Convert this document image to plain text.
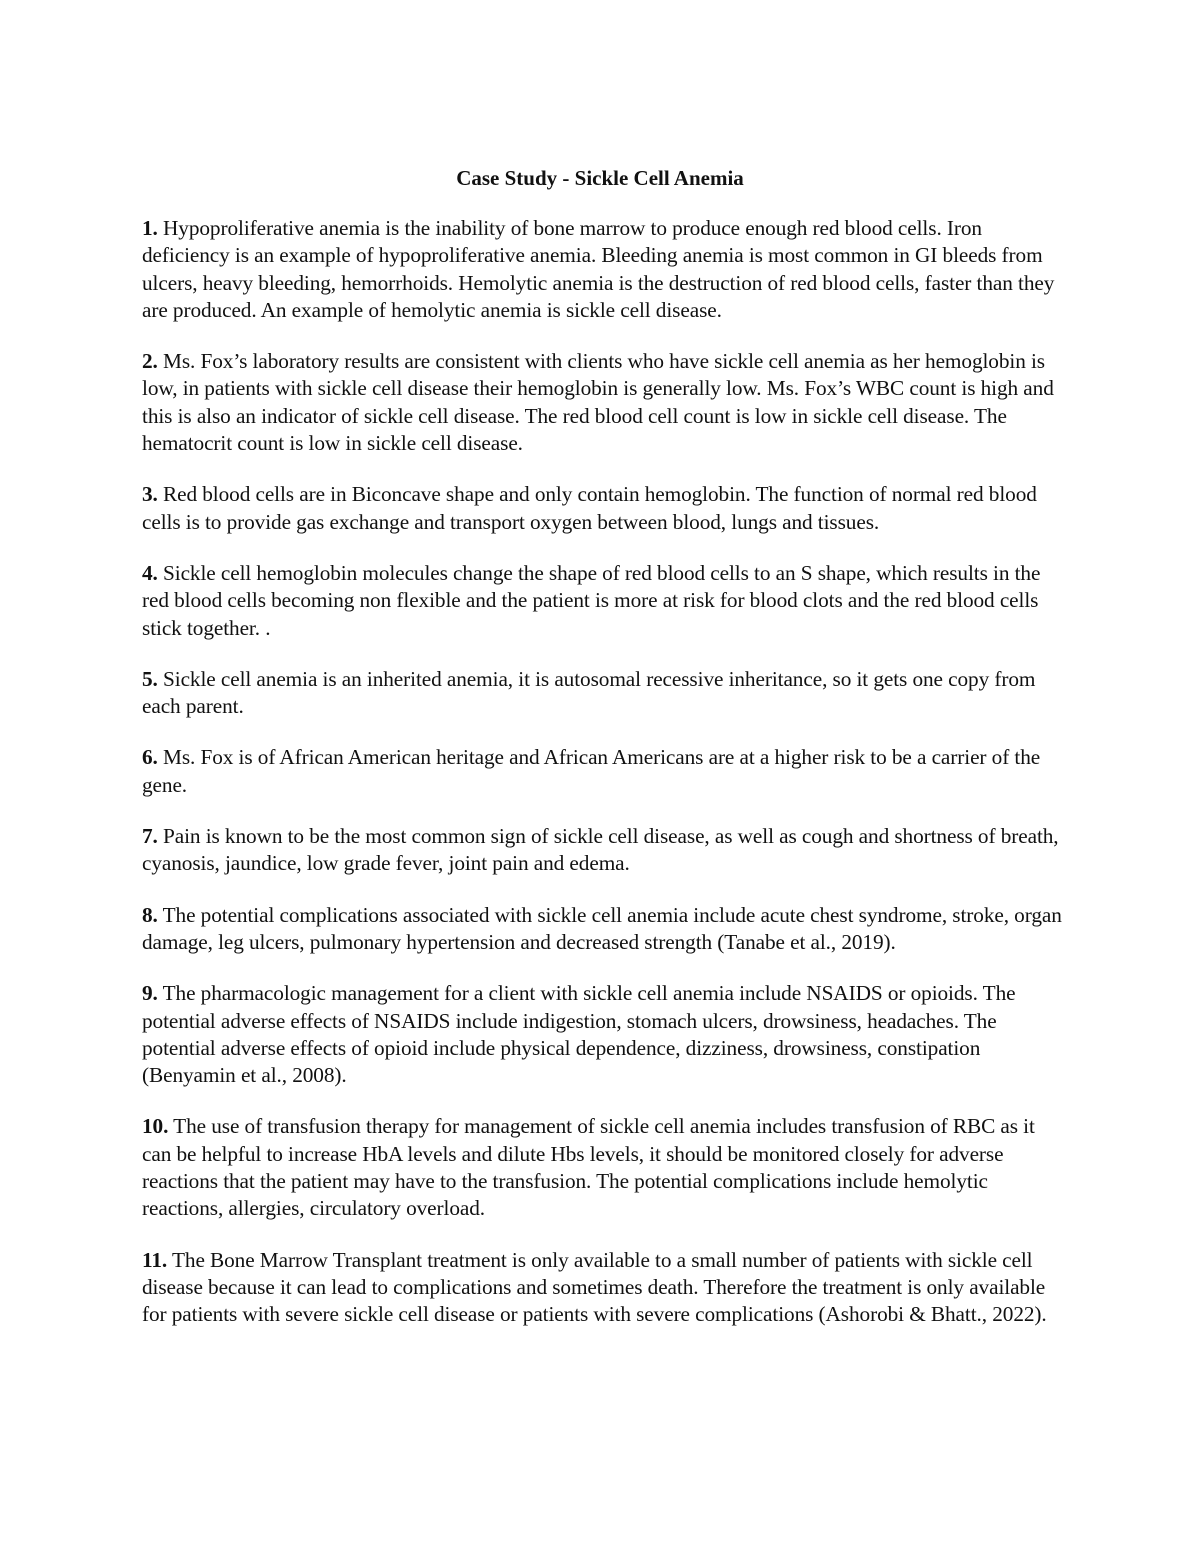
Case Study - Sickle Cell Anemia

1. Hypoproliferative anemia is the inability of bone marrow to produce enough red blood cells. Iron deficiency is an example of hypoproliferative anemia. Bleeding anemia is most common in GI bleeds from ulcers, heavy bleeding, hemorrhoids. Hemolytic anemia is the destruction of red blood cells, faster than they are produced. An example of hemolytic anemia is sickle cell disease.

2. Ms. Fox’s laboratory results are consistent with clients who have sickle cell anemia as her hemoglobin is low, in patients with sickle cell disease their hemoglobin is generally low. Ms. Fox’s WBC count is high and this is also an indicator of sickle cell disease. The red blood cell count is low in sickle cell disease. The hematocrit count is low in sickle cell disease.

3. Red blood cells are in Biconcave shape and only contain hemoglobin. The function of normal red blood cells is to provide gas exchange and transport oxygen between blood, lungs and tissues.

4. Sickle cell hemoglobin molecules change the shape of red blood cells to an S shape, which results in the red blood cells becoming non flexible and the patient is more at risk for blood clots and the red blood cells stick together. .

5. Sickle cell anemia is an inherited anemia, it is autosomal recessive inheritance, so it gets one copy from each parent.

6. Ms. Fox is of African American heritage and African Americans are at a higher risk to be a carrier of the gene.

7. Pain is known to be the most common sign of sickle cell disease, as well as cough and shortness of breath, cyanosis, jaundice, low grade fever, joint pain and edema.

8. The potential complications associated with sickle cell anemia include acute chest syndrome, stroke, organ damage, leg ulcers, pulmonary hypertension and decreased strength (Tanabe et al., 2019).

9. The pharmacologic management for a client with sickle cell anemia include NSAIDS or opioids. The potential adverse effects of NSAIDS include indigestion, stomach ulcers, drowsiness, headaches. The potential adverse effects of opioid include physical dependence, dizziness, drowsiness, constipation (Benyamin et al., 2008).

10. The use of transfusion therapy for management of sickle cell anemia includes transfusion of RBC as it can be helpful to increase HbA levels and dilute Hbs levels, it should be monitored closely for adverse reactions that the patient may have to the transfusion. The potential complications include hemolytic reactions, allergies, circulatory overload.

11. The Bone Marrow Transplant treatment is only available to a small number of patients with sickle cell disease because it can lead to complications and sometimes death. Therefore the treatment is only available for patients with severe sickle cell disease or patients with severe complications (Ashorobi & Bhatt., 2022).
